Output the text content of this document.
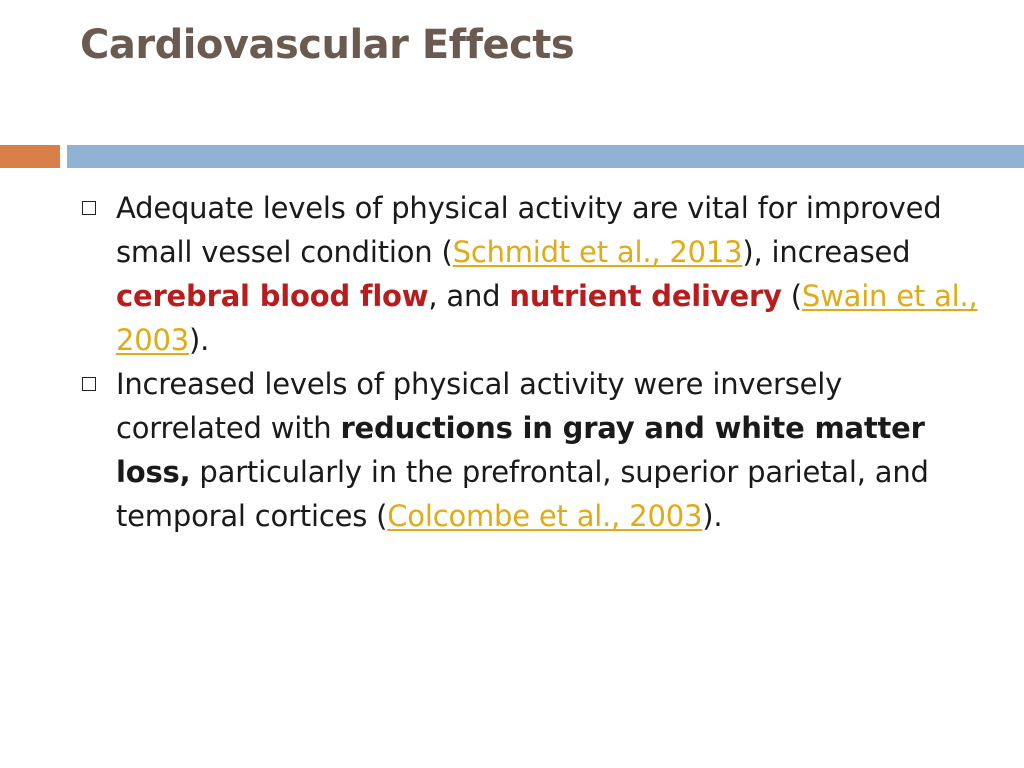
Cardiovascular Effects
Adequate levels of physical activity are vital for improved small vessel condition (Schmidt et al., 2013), increased cerebral blood flow, and nutrient delivery (Swain et al., 2003).
Increased levels of physical activity were inversely correlated with reductions in gray and white matter loss, particularly in the prefrontal, superior parietal, and temporal cortices (Colcombe et al., 2003).
